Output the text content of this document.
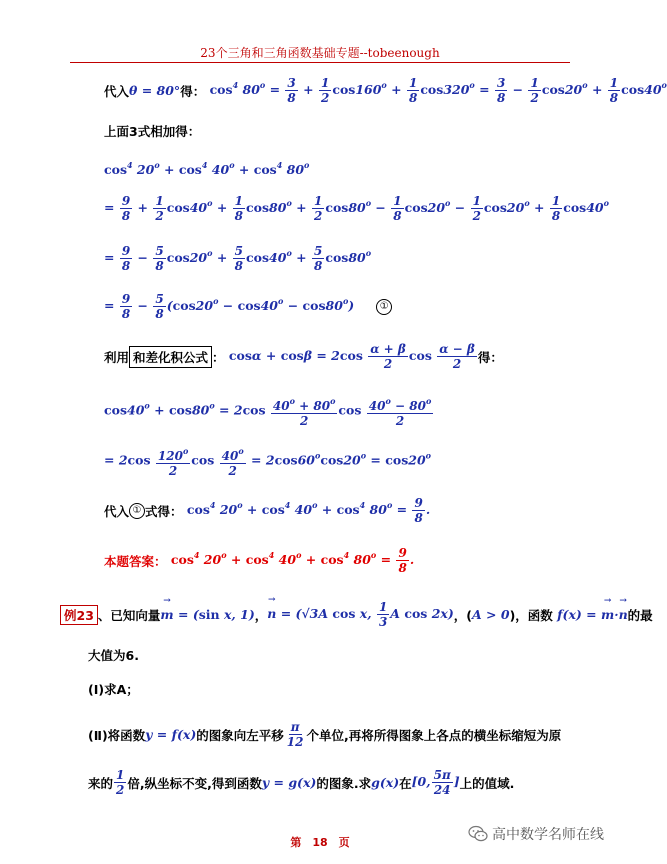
23个三角和三角函数基础专题--tobeenough
代入 θ = 80° 得： $\cos^4 80^o = \frac{3}{8} + \frac{1}{2} \cos 160^o + \frac{1}{8} \cos 320^o = \frac{3}{8} - \frac{1}{2} \cos 20^o + \frac{1}{8} \cos 40^o$
上面3式相加得：
$\cos^4 20^o + \cos^4 40^o + \cos^4 80^o$
= $\frac{9}{8} + \frac{1}{2} \cos 40^o + \frac{1}{8} \cos 80^o + \frac{1}{2} \cos 80^o - \frac{1}{8} \cos 20^o - \frac{1}{2} \cos 20^o + \frac{1}{8} \cos 40^o$
= $\frac{9}{8} - \frac{5}{8} \cos 20^o + \frac{5}{8} \cos 40^o + \frac{5}{8} \cos 80^o$
= $\frac{9}{8} - \frac{5}{8} (\cos 20^o - \cos 40^o - \cos 80^o)$	①
利用 和差化积公式 ： $\cos\alpha + \cos\beta = 2\cos \frac{\alpha + \beta}{2}$ $\cos \frac{\alpha - \beta}{2}$ 得：
$\cos 40^o + \cos 80^o = 2\cos \frac{40^o + 80^o}{2}$ $\cos \frac{40^o - 80^o}{2}$
= $2\cos \frac{120^o}{2}$ $\cos \frac{40^o}{2} = 2\cos 60^o\cos 20^o = \cos 20^o$
代入 ① 式得： $\cos^4 20^o + \cos^4 40^o + \cos^4 80^o = \frac{9}{8}$ .
本题答案： $\cos^4 20^o + \cos^4 40^o + \cos^4 80^o = \frac{9}{8}$ .
例23 、已知向量 → m = (sin x, 1) ， → n = (√3A cos x, $\frac{1}{3}$ A cos 2x) ，( A > 0 )，函数 f(x) = → m·→ n 的最
大值为6.
(Ⅰ)求A；
(Ⅱ)将函数 y = f(x) 的图象向左平移 $\frac{\pi}{12}$ 个单位,再将所得图象上各点的横坐标缩短为原
来的 $\frac{1}{2}$ 倍,纵坐标不变,得到函数 y = g(x) 的图象.求 g(x) 在 [0, $\frac{5\pi}{24}$ ] 上的值域.
第　18　页	高中数学名师在线
